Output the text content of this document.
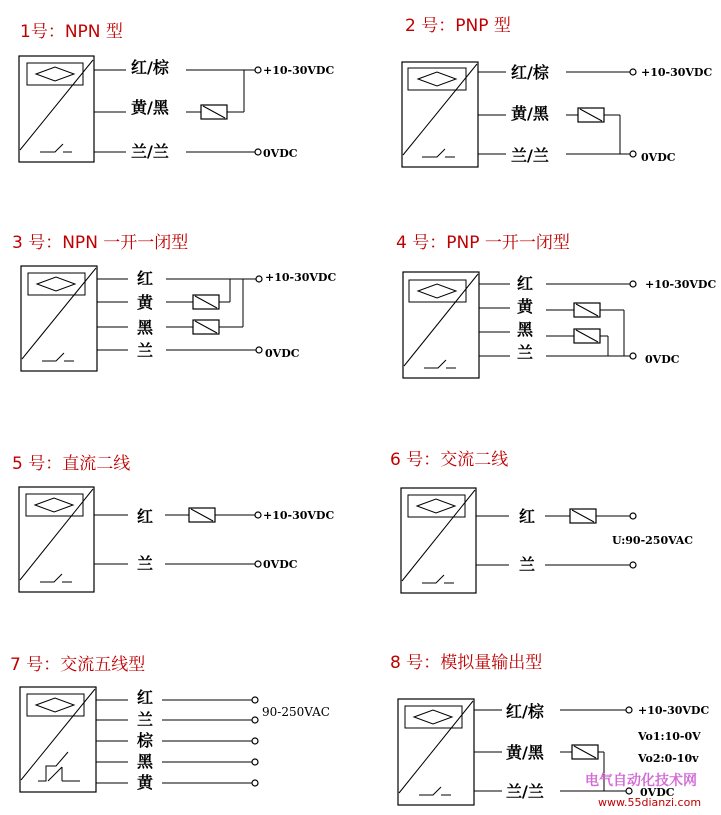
1号：NPN 型
红/棕
黄/黑
兰/兰
+10-30VDC
0VDC
2 号：PNP 型
红/棕
黄/黑
兰/兰
+10-30VDC
0VDC
3 号：NPN 一开一闭型
红
黄
黑
兰
+10-30VDC
0VDC
4 号：PNP 一开一闭型
红
黄
黑
兰
+10-30VDC
0VDC
5 号：直流二线
红
兰
+10-30VDC
0VDC
6 号：交流二线
红
兰
U:90-250VAC
7 号：交流五线型
红
兰
棕
黑
黄
90-250VAC
8 号：模拟量输出型
红/棕
黄/黑
兰/兰
+10-30VDC
Vo1:10-0V
Vo2:0-10v
0VDC
电气自动化技术网
www.55dianzi.com
